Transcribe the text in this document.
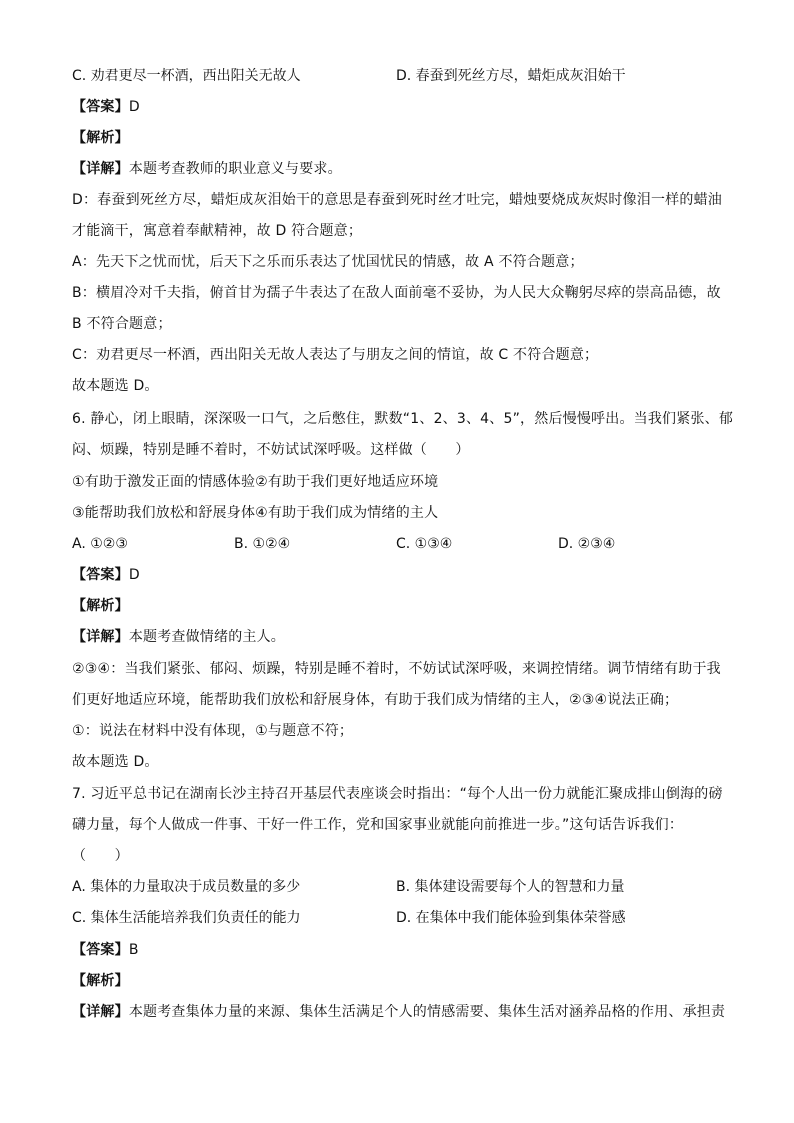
C. 劝君更尽一杯酒，西出阳关无故人	D. 春蚕到死丝方尽，蜡炬成灰泪始干
【答案】D
【解析】
【详解】本题考查教师的职业意义与要求。
D：春蚕到死丝方尽，蜡炬成灰泪始干的意思是春蚕到死时丝才吐完，蜡烛要烧成灰烬时像泪一样的蜡油
才能滴干，寓意着奉献精神，故 D 符合题意；
A：先天下之忧而忧，后天下之乐而乐表达了忧国忧民的情感，故 A 不符合题意；
B：横眉冷对千夫指，俯首甘为孺子牛表达了在敌人面前毫不妥协，为人民大众鞠躬尽瘁的崇高品德，故
B 不符合题意；
C：劝君更尽一杯酒，西出阳关无故人表达了与朋友之间的情谊，故 C 不符合题意；
故本题选 D。
6. 静心，闭上眼睛，深深吸一口气，之后憋住，默数“1、2、3、4、5”，然后慢慢呼出。当我们紧张、郁
闷、烦躁，特别是睡不着时，不妨试试深呼吸。这样做（　　）
①有助于激发正面的情感体验②有助于我们更好地适应环境
③能帮助我们放松和舒展身体④有助于我们成为情绪的主人
A. ①②③	B. ①②④	C. ①③④	D. ②③④
【答案】D
【解析】
【详解】本题考查做情绪的主人。
②③④：当我们紧张、郁闷、烦躁，特别是睡不着时，不妨试试深呼吸，来调控情绪。调节情绪有助于我
们更好地适应环境，能帮助我们放松和舒展身体，有助于我们成为情绪的主人，②③④说法正确；
①：说法在材料中没有体现，①与题意不符；
故本题选 D。
7. 习近平总书记在湖南长沙主持召开基层代表座谈会时指出：“每个人出一份力就能汇聚成排山倒海的磅
礴力量，每个人做成一件事、干好一件工作，党和国家事业就能向前推进一步。”这句话告诉我们：
（　　）
A. 集体的力量取决于成员数量的多少	B. 集体建设需要每个人的智慧和力量
C. 集体生活能培养我们负责任的能力	D. 在集体中我们能体验到集体荣誉感
【答案】B
【解析】
【详解】本题考查集体力量的来源、集体生活满足个人的情感需要、集体生活对涵养品格的作用、承担责
